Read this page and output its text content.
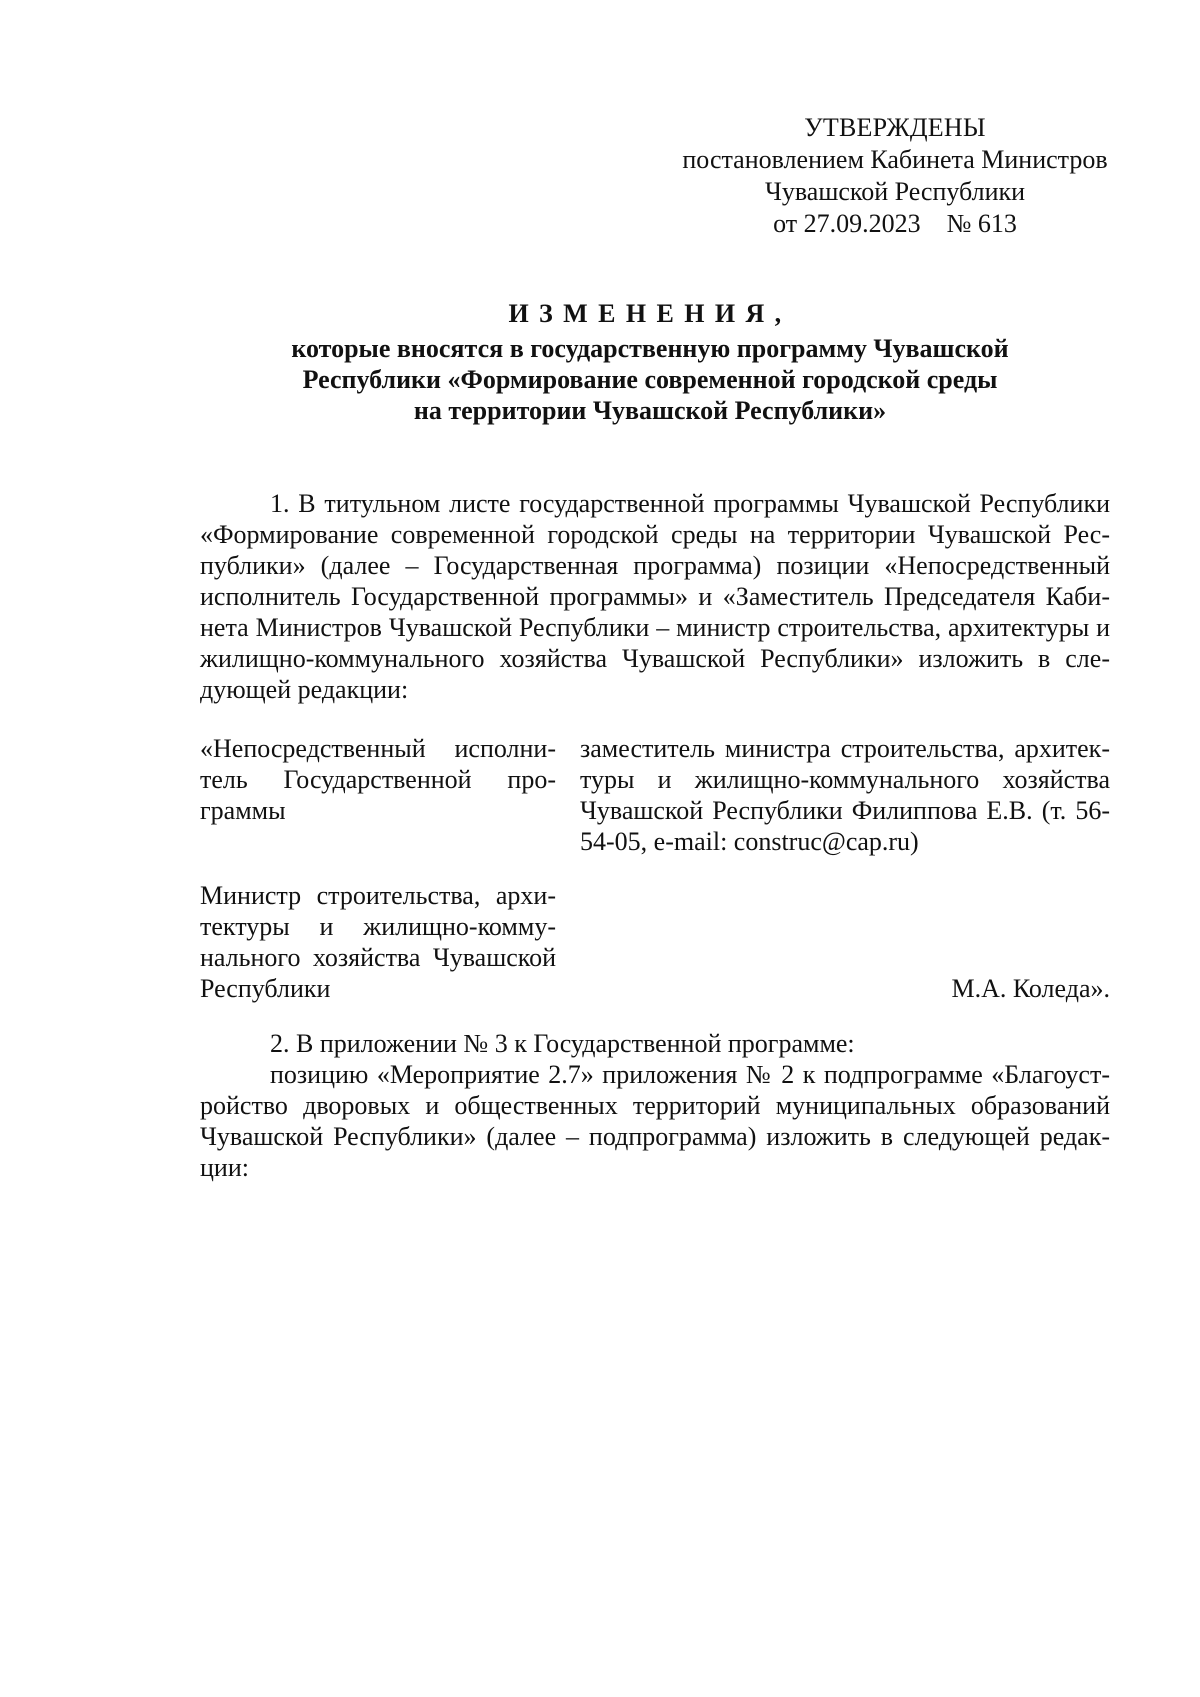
УТВЕРЖДЕНЫ
постановлением Кабинета Министров
Чувашской Республики
от 27.09.2023    № 613
ИЗМЕНЕНИЯ,
которые вносятся в государственную программу Чувашской
Республики «Формирование современной городской среды
на территории Чувашской Республики»
1. В титульном листе государственной программы Чувашской Республики «Формирование современной городской среды на территории Чувашской Республики» (далее – Государственная программа) позиции «Непосредственный исполнитель Государственной программы» и «Заместитель Председателя Кабинета Министров Чувашской Республики – министр строительства, архитектуры и жилищно-коммунального хозяйства Чувашской Республики» изложить в следующей редакции:
«Непосредственный исполнитель Государственной программы
заместитель министра строительства, архитектуры и жилищно-коммунального хозяйства Чувашской Республики Филиппова Е.В. (т. 56-54-05, e-mail: construc@cap.ru)
Министр строительства, архитектуры и жилищно-коммунального хозяйства Чувашской Республики	М.А. Коледа».
2. В приложении № 3 к Государственной программе:
позицию «Мероприятие 2.7» приложения № 2 к подпрограмме «Благоустройство дворовых и общественных территорий муниципальных образований Чувашской Республики» (далее – подпрограмма) изложить в следующей редакции:
